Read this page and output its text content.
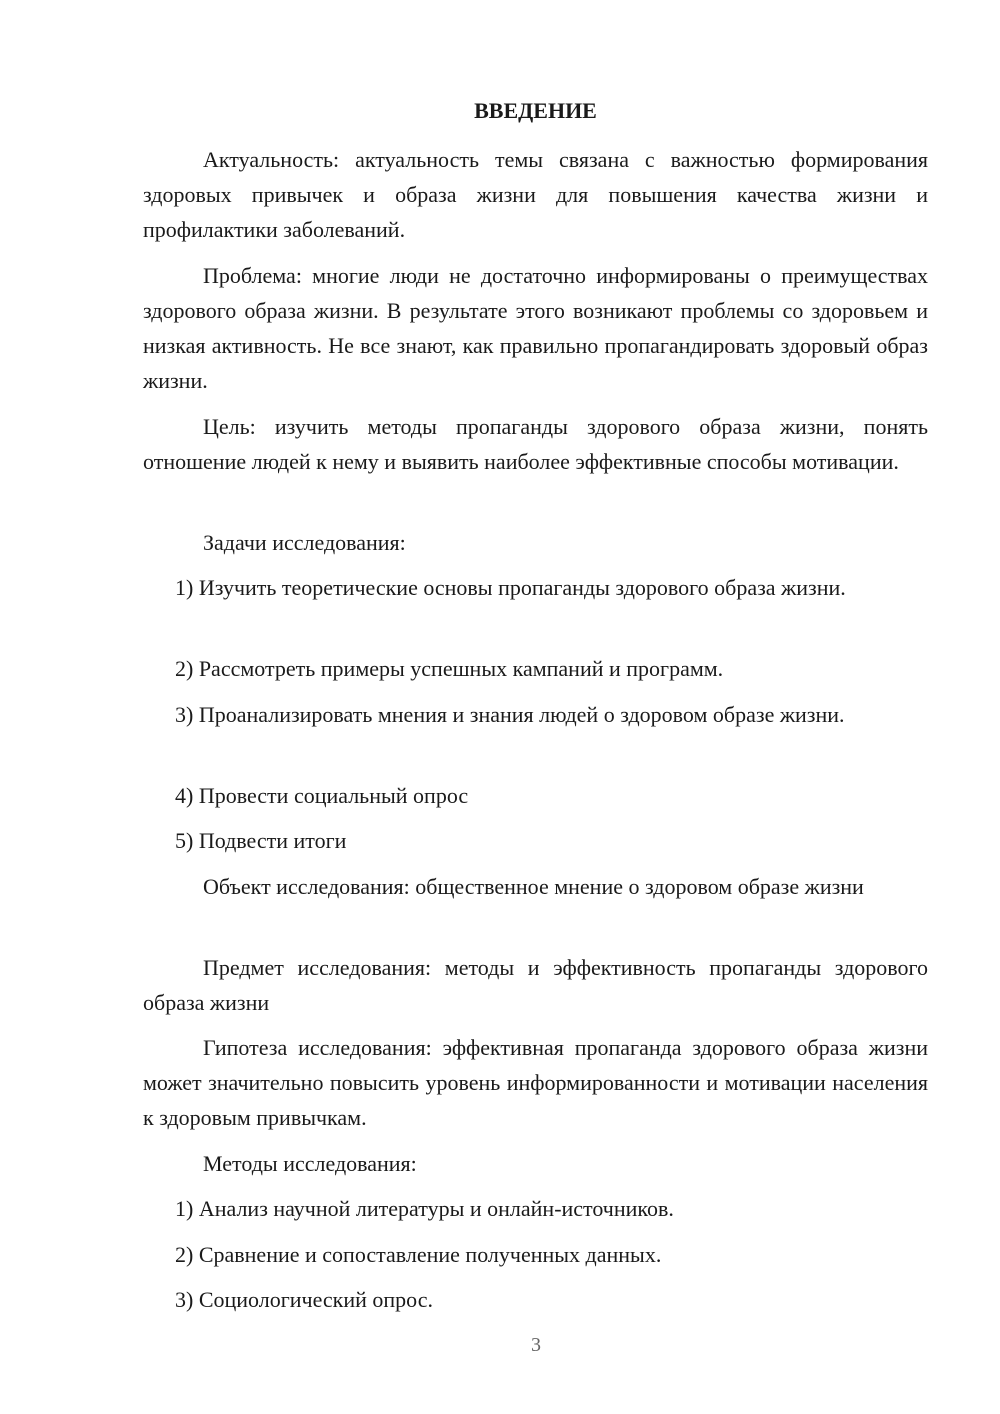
ВВЕДЕНИЕ

Актуальность: актуальность темы связана с важностью формирования здоровых привычек и образа жизни для повышения качества жизни и профилактики заболеваний.

Проблема: многие люди не достаточно информированы о преимуществах здорового образа жизни. В результате этого возникают проблемы со здоровьем и низкая активность. Не все знают, как правильно пропагандировать здоровый образ жизни.

Цель: изучить методы пропаганды здорового образа жизни, понять отношение людей к нему и выявить наиболее эффективные способы мотивации.

Задачи исследования:

1) Изучить теоретические основы пропаганды здорового образа жизни.

2) Рассмотреть примеры успешных кампаний и программ.

3) Проанализировать мнения и знания людей о здоровом образе жизни.

4) Провести социальный опрос

5) Подвести итоги

Объект исследования: общественное мнение о здоровом образе жизни

Предмет исследования: методы и эффективность пропаганды здорового образа жизни

Гипотеза исследования: эффективная пропаганда здорового образа жизни может значительно повысить уровень информированности и мотивации населения к здоровым привычкам.

Методы исследования:

1) Анализ научной литературы и онлайн-источников.

2) Сравнение и сопоставление полученных данных.

3) Социологический опрос.

3
